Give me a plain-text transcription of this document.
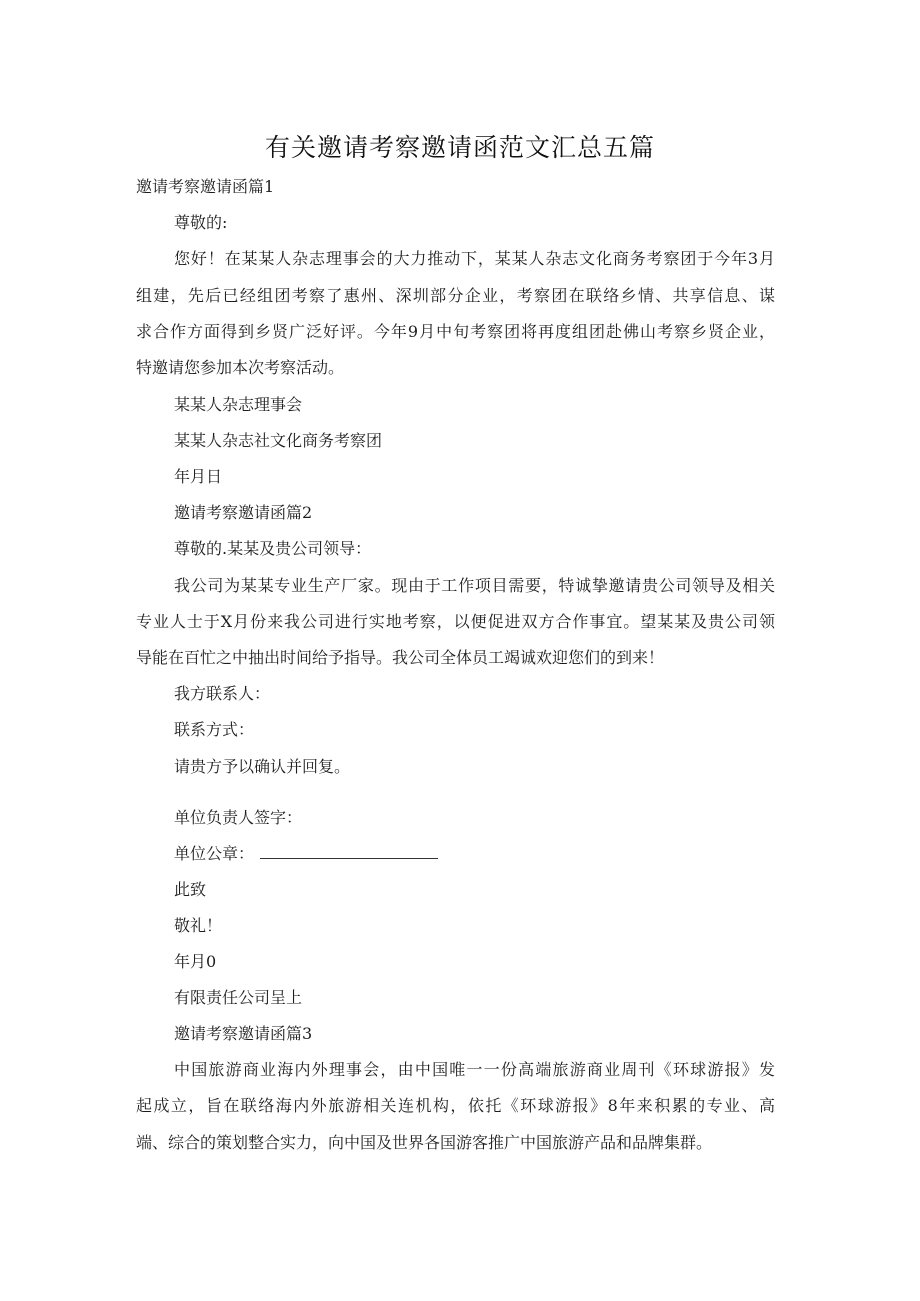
有关邀请考察邀请函范文汇总五篇
邀请考察邀请函篇1
尊敬的:
您好！在某某人杂志理事会的大力推动下，某某人杂志文化商务考察团于今年3月
组建，先后已经组团考察了惠州、深圳部分企业，考察团在联络乡情、共享信息、谋
求合作方面得到乡贤广泛好评。今年9月中旬考察团将再度组团赴佛山考察乡贤企业，
特邀请您参加本次考察活动。
某某人杂志理事会
某某人杂志社文化商务考察团
年月日
邀请考察邀请函篇2
尊敬的.某某及贵公司领导：
我公司为某某专业生产厂家。现由于工作项目需要，特诚挚邀请贵公司领导及相关
专业人士于X月份来我公司进行实地考察，以便促进双方合作事宜。望某某及贵公司领
导能在百忙之中抽出时间给予指导。我公司全体员工竭诚欢迎您们的到来！
我方联系人：
联系方式：
请贵方予以确认并回复。
单位负责人签字：
单位公章：
此致
敬礼！
年月0
有限责任公司呈上
邀请考察邀请函篇3
中国旅游商业海内外理事会，由中国唯一一份高端旅游商业周刊《环球游报》发
起成立，旨在联络海内外旅游相关连机构，依托《环球游报》8年来积累的专业、高
端、综合的策划整合实力，向中国及世界各国游客推广中国旅游产品和品牌集群。
